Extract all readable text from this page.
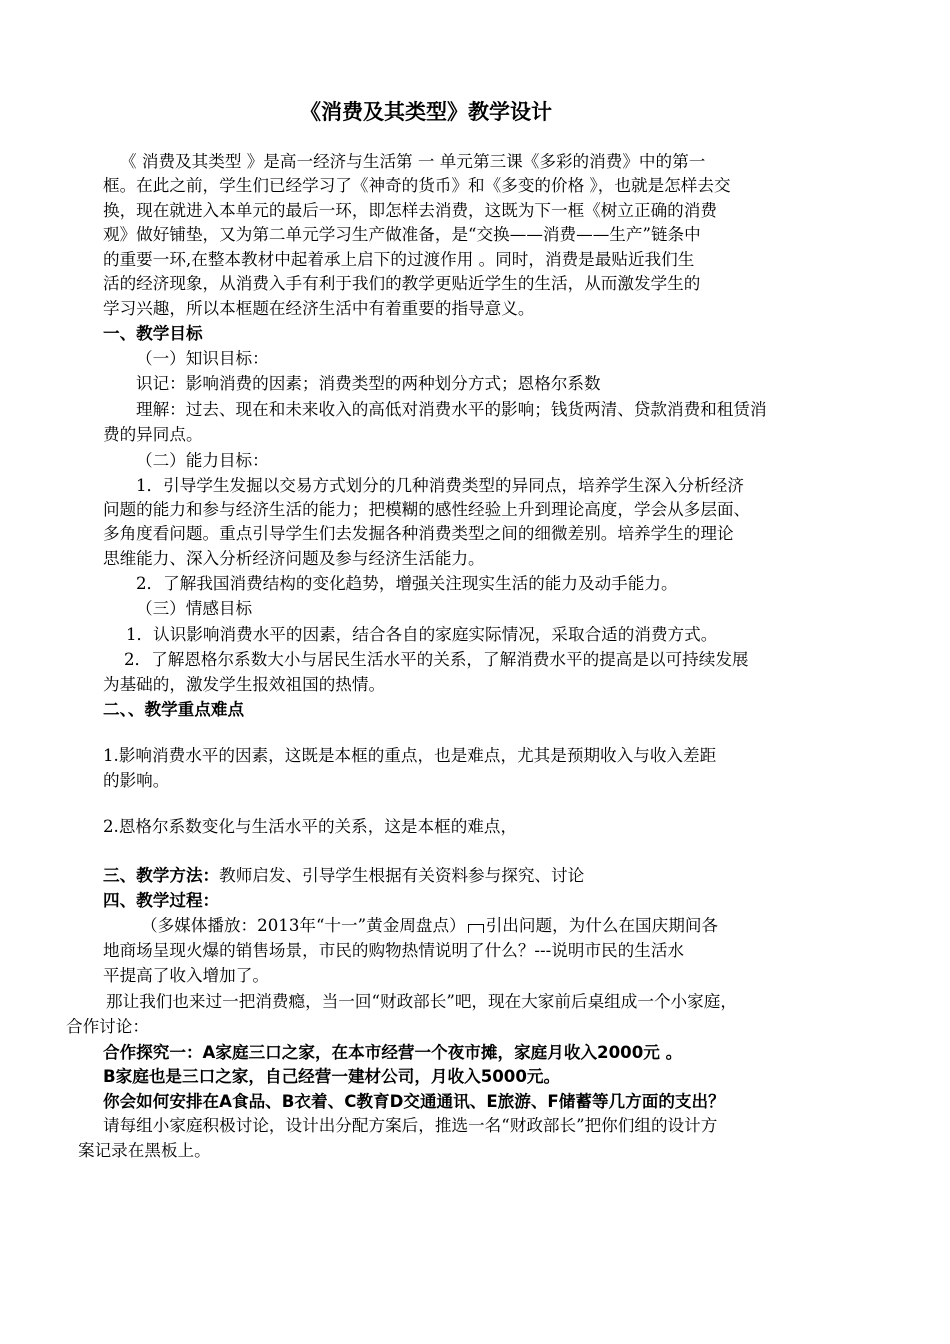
《消费及其类型》教学设计
《 消费及其类型 》是高一经济与生活第 一 单元第三课《多彩的消费》中的第一
框。在此之前，学生们已经学习了《神奇的货币》和《多变的价格 》，也就是怎样去交
换，现在就进入本单元的最后一环，即怎样去消费，这既为下一框《树立正确的消费
观》做好铺垫，又为第二单元学习生产做准备，是“交换——消费——生产”链条中
的重要一环,在整本教材中起着承上启下的过渡作用 。同时，消费是最贴近我们生
活的经济现象，从消费入手有利于我们的教学更贴近学生的生活，从而激发学生的
学习兴趣，所以本框题在经济生活中有着重要的指导意义。
一、教学目标
（一）知识目标：
识记：影响消费的因素；消费类型的两种划分方式；恩格尔系数
理解：过去、现在和未来收入的高低对消费水平的影响；钱货两清、贷款消费和租赁消
费的异同点。
（二）能力目标：
1．引导学生发掘以交易方式划分的几种消费类型的异同点，培养学生深入分析经济
问题的能力和参与经济生活的能力；把模糊的感性经验上升到理论高度，学会从多层面、
多角度看问题。重点引导学生们去发掘各种消费类型之间的细微差别。培养学生的理论
思维能力、深入分析经济问题及参与经济生活能力。
2．了解我国消费结构的变化趋势，增强关注现实生活的能力及动手能力。
（三）情感目标
1．认识影响消费水平的因素，结合各自的家庭实际情况，采取合适的消费方式。
2．了解恩格尔系数大小与居民生活水平的关系，了解消费水平的提高是以可持续发展
为基础的，激发学生报效祖国的热情。
二、、教学重点难点
1.影响消费水平的因素，这既是本框的重点，也是难点，尤其是预期收入与收入差距
的影响。
2.恩格尔系数变化与生活水平的关系，这是本框的难点，
三、教学方法：教师启发、引导学生根据有关资料参与探究、讨论
四、教学过程：
（多媒体播放：2013年“十一”黄金周盘点） 引出问题，为什么在国庆期间各
地商场呈现火爆的销售场景，市民的购物热情说明了什么？---说明市民的生活水
平提高了收入增加了。
那让我们也来过一把消费瘾，当一回“财政部长”吧，现在大家前后桌组成一个小家庭，
合作讨论：
合作探究一：A家庭三口之家，在本市经营一个夜市摊，家庭月收入2000元 。
B家庭也是三口之家，自己经营一建材公司，月收入5000元。
你会如何安排在A食品、B衣着、C教育D交通通讯、E旅游、F储蓄等几方面的支出？
请每组小家庭积极讨论，设计出分配方案后，推选一名“财政部长”把你们组的设计方
案记录在黑板上。
